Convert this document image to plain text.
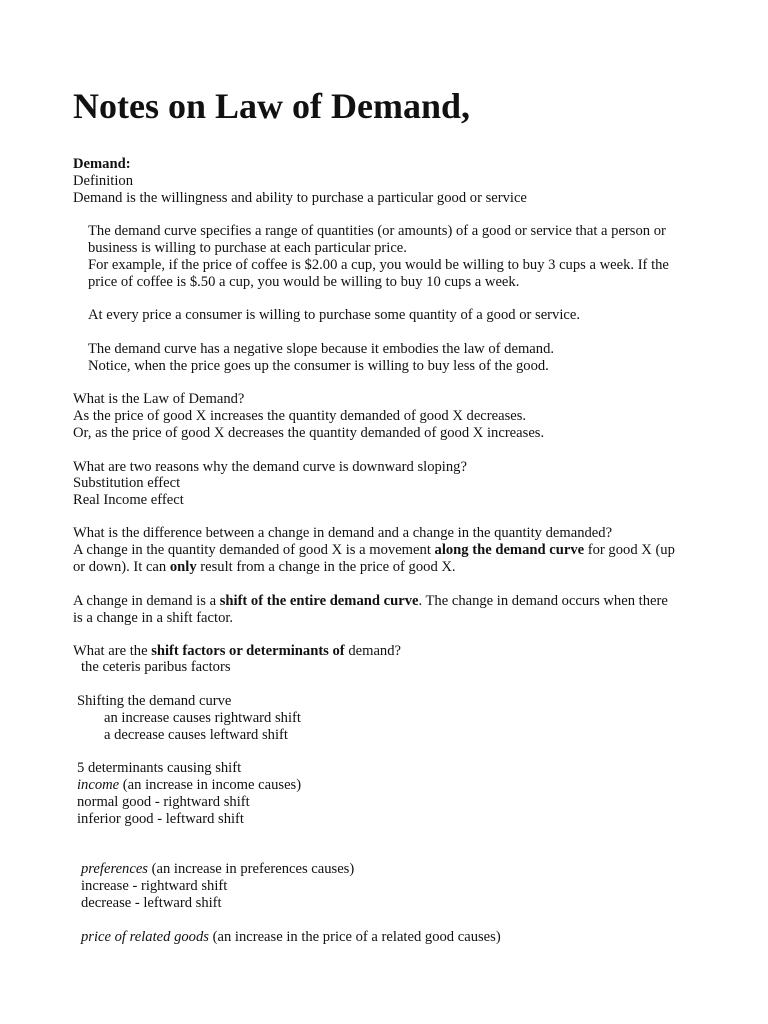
Notes on Law of Demand,

Demand:

Definition

Demand is the willingness and ability to purchase a particular good or service

The demand curve specifies a range of quantities (or amounts) of a good or service that a person or

business is willing to purchase at each particular price.

For example, if the price of coffee is $2.00 a cup, you would be willing to buy 3 cups a week. If the

price of coffee is $.50 a cup, you would be willing to buy 10 cups a week.

At every price a consumer is willing to purchase some quantity of a good or service.

The demand curve has a negative slope because it embodies the law of demand.

Notice, when the price goes up the consumer is willing to buy less of the good.

What is the Law of Demand?

As the price of good X increases the quantity demanded of good X decreases.

Or, as the price of good X decreases the quantity demanded of good X increases.

What are two reasons why the demand curve is downward sloping?

Substitution effect

Real Income effect

What is the difference between a change in demand and a change in the quantity demanded?

A change in the quantity demanded of good X is a movement along the demand curve for good X (up

or down). It can only result from a change in the price of good X.

A change in demand is a shift of the entire demand curve. The change in demand occurs when there

is a change in a shift factor.

What are the shift factors or determinants of demand?

the ceteris paribus factors

Shifting the demand curve

an increase causes rightward shift

a decrease causes leftward shift

5 determinants causing shift

income (an increase in income causes)

normal good - rightward shift

inferior good - leftward shift

preferences (an increase in preferences causes)

increase - rightward shift

decrease - leftward shift

price of related goods (an increase in the price of a related good causes)
